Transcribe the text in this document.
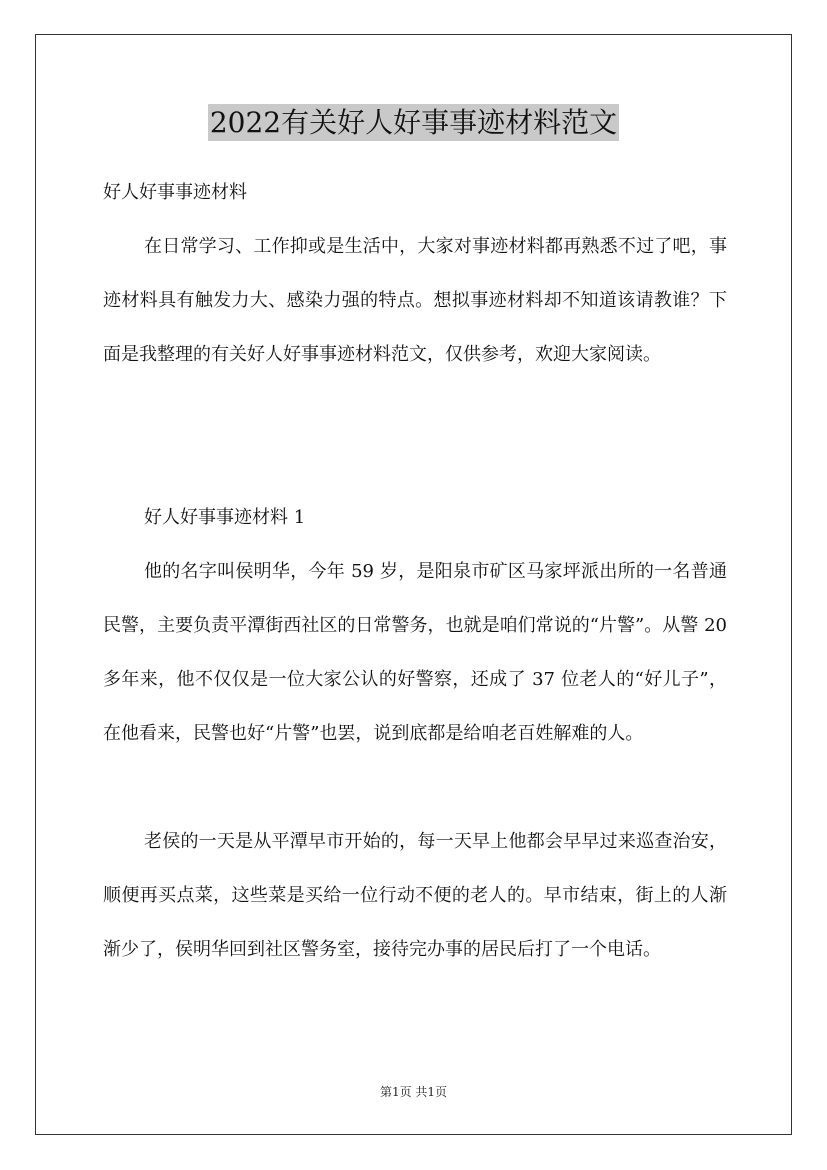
2022有关好人好事事迹材料范文

好人好事事迹材料

在日常学习、工作抑或是生活中，大家对事迹材料都再熟悉不过了吧，事迹材料具有触发力大、感染力强的特点。想拟事迹材料却不知道该请教谁？下面是我整理的有关好人好事事迹材料范文，仅供参考，欢迎大家阅读。

好人好事事迹材料 1

他的名字叫侯明华，今年 59 岁，是阳泉市矿区马家坪派出所的一名普通民警，主要负责平潭街西社区的日常警务，也就是咱们常说的“片警”。从警 20 多年来，他不仅仅是一位大家公认的好警察，还成了 37 位老人的“好儿子”，在他看来，民警也好“片警”也罢，说到底都是给咱老百姓解难的人。

老侯的一天是从平潭早市开始的，每一天早上他都会早早过来巡查治安，顺便再买点菜，这些菜是买给一位行动不便的老人的。早市结束，街上的人渐渐少了，侯明华回到社区警务室，接待完办事的居民后打了一个电话。

第1页 共1页
